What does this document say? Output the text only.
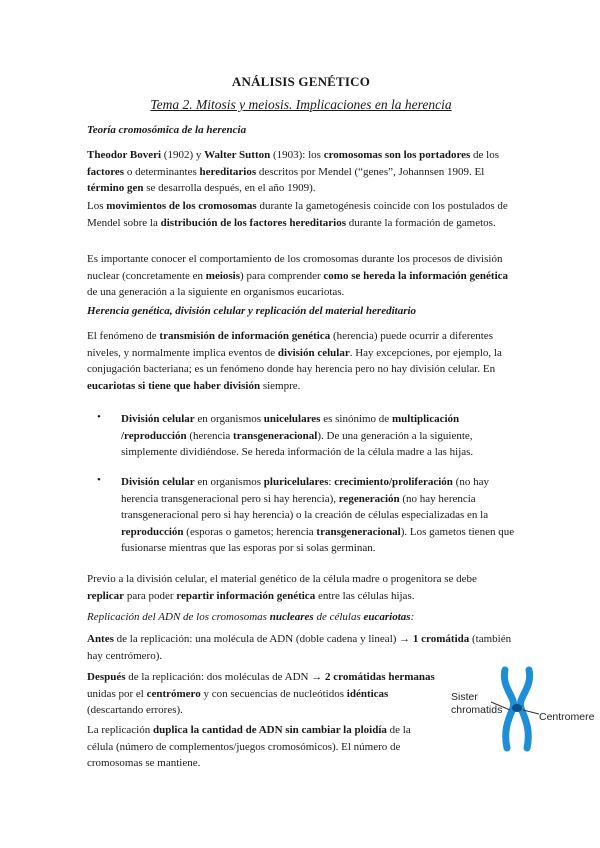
ANÁLISIS GENÉTICO
Tema 2. Mitosis y meiosis. Implicaciones en la herencia
Teoría cromosómica de la herencia
Theodor Boveri (1902) y Walter Sutton (1903): los cromosomas son los portadores de los factores o determinantes hereditarios descritos por Mendel (“genes”, Johannsen 1909. El término gen se desarrolla después, en el año 1909).
Los movimientos de los cromosomas durante la gametogénesis coincide con los postulados de Mendel sobre la distribución de los factores hereditarios durante la formación de gametos.
Es importante conocer el comportamiento de los cromosomas durante los procesos de división nuclear (concretamente en meiosis) para comprender como se hereda la información genética de una generación a la siguiente en organismos eucariotas.
Herencia genética, división celular y replicación del material hereditario
El fenómeno de transmisión de información genética (herencia) puede ocurrir a diferentes niveles, y normalmente implica eventos de división celular. Hay excepciones, por ejemplo, la conjugación bacteriana; es un fenómeno donde hay herencia pero no hay división celular. En eucariotas si tiene que haber división siempre.
• División celular en organismos unicelulares es sinónimo de multiplicación /reproducción (herencia transgeneracional). De una generación a la siguiente, simplemente dividiéndose. Se hereda información de la célula madre a las hijas.
• División celular en organismos pluricelulares: crecimiento/proliferación (no hay herencia transgeneracional pero si hay herencia), regeneración (no hay herencia transgeneracional pero si hay herencia) o la creación de células especializadas en la reproducción (esporas o gametos; herencia transgeneracional). Los gametos tienen que fusionarse mientras que las esporas por si solas germinan.
Previo a la división celular, el material genético de la célula madre o progenitora se debe replicar para poder repartir información genética entre las células hijas.
Replicación del ADN de los cromosomas nucleares de células eucariotas:
Antes de la replicación: una molécula de ADN (doble cadena y lineal) → 1 cromátida (también hay centrómero).
Después de la replicación: dos moléculas de ADN → 2 cromátidas hermanas unidas por el centrómero y con secuencias de nucleótidos idénticas (descartando errores).
La replicación duplica la cantidad de ADN sin cambiar la ploidía de la célula (número de complementos/juegos cromosómicos). El número de cromosomas se mantiene.
Sister
chromatids
Centromere
